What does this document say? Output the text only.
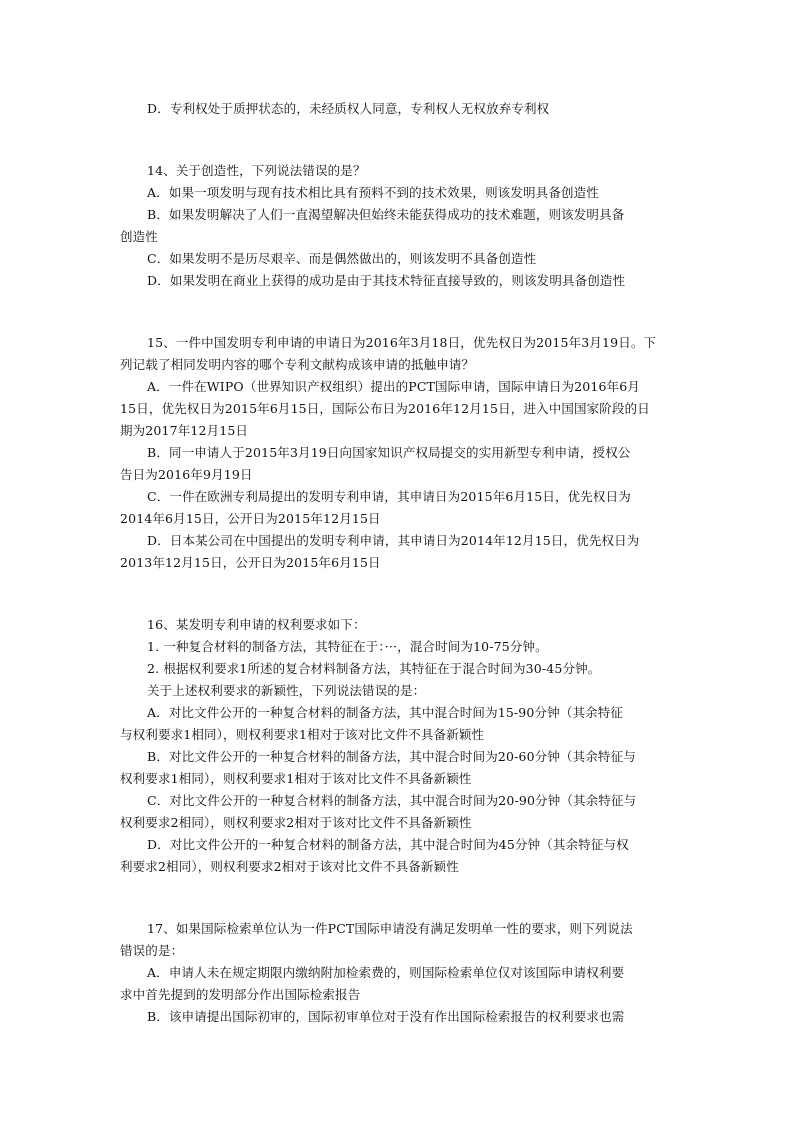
D．专利权处于质押状态的，未经质权人同意，专利权人无权放弃专利权
14、关于创造性，下列说法错误的是？
A．如果一项发明与现有技术相比具有预料不到的技术效果，则该发明具备创造性
B．如果发明解决了人们一直渴望解决但始终未能获得成功的技术难题，则该发明具备
创造性
C．如果发明不是历尽艰辛、而是偶然做出的，则该发明不具备创造性
D．如果发明在商业上获得的成功是由于其技术特征直接导致的，则该发明具备创造性
15、一件中国发明专利申请的申请日为2016年3月18日，优先权日为2015年3月19日。下
列记载了相同发明内容的哪个专利文献构成该申请的抵触申请？
A．一件在WIPO（世界知识产权组织）提出的PCT国际申请，国际申请日为2016年6月
15日，优先权日为2015年6月15日，国际公布日为2016年12月15日，进入中国国家阶段的日
期为2017年12月15日
B．同一申请人于2015年3月19日向国家知识产权局提交的实用新型专利申请，授权公
告日为2016年9月19日
C．一件在欧洲专利局提出的发明专利申请，其申请日为2015年6月15日，优先权日为
2014年6月15日，公开日为2015年12月15日
D．日本某公司在中国提出的发明专利申请，其申请日为2014年12月15日，优先权日为
2013年12月15日，公开日为2015年6月15日
16、某发明专利申请的权利要求如下：
1. 一种复合材料的制备方法，其特征在于：···，混合时间为10-75分钟。
2. 根据权利要求1所述的复合材料制备方法，其特征在于混合时间为30-45分钟。
关于上述权利要求的新颖性，下列说法错误的是：
A．对比文件公开的一种复合材料的制备方法，其中混合时间为15-90分钟（其余特征
与权利要求1相同），则权利要求1相对于该对比文件不具备新颖性
B．对比文件公开的一种复合材料的制备方法，其中混合时间为20-60分钟（其余特征与
权利要求1相同），则权利要求1相对于该对比文件不具备新颖性
C．对比文件公开的一种复合材料的制备方法，其中混合时间为20-90分钟（其余特征与
权利要求2相同），则权利要求2相对于该对比文件不具备新颖性
D．对比文件公开的一种复合材料的制备方法，其中混合时间为45分钟（其余特征与权
利要求2相同），则权利要求2相对于该对比文件不具备新颖性
17、如果国际检索单位认为一件PCT国际申请没有满足发明单一性的要求，则下列说法
错误的是：
A．申请人未在规定期限内缴纳附加检索费的，则国际检索单位仅对该国际申请权利要
求中首先提到的发明部分作出国际检索报告
B．该申请提出国际初审的，国际初审单位对于没有作出国际检索报告的权利要求也需
